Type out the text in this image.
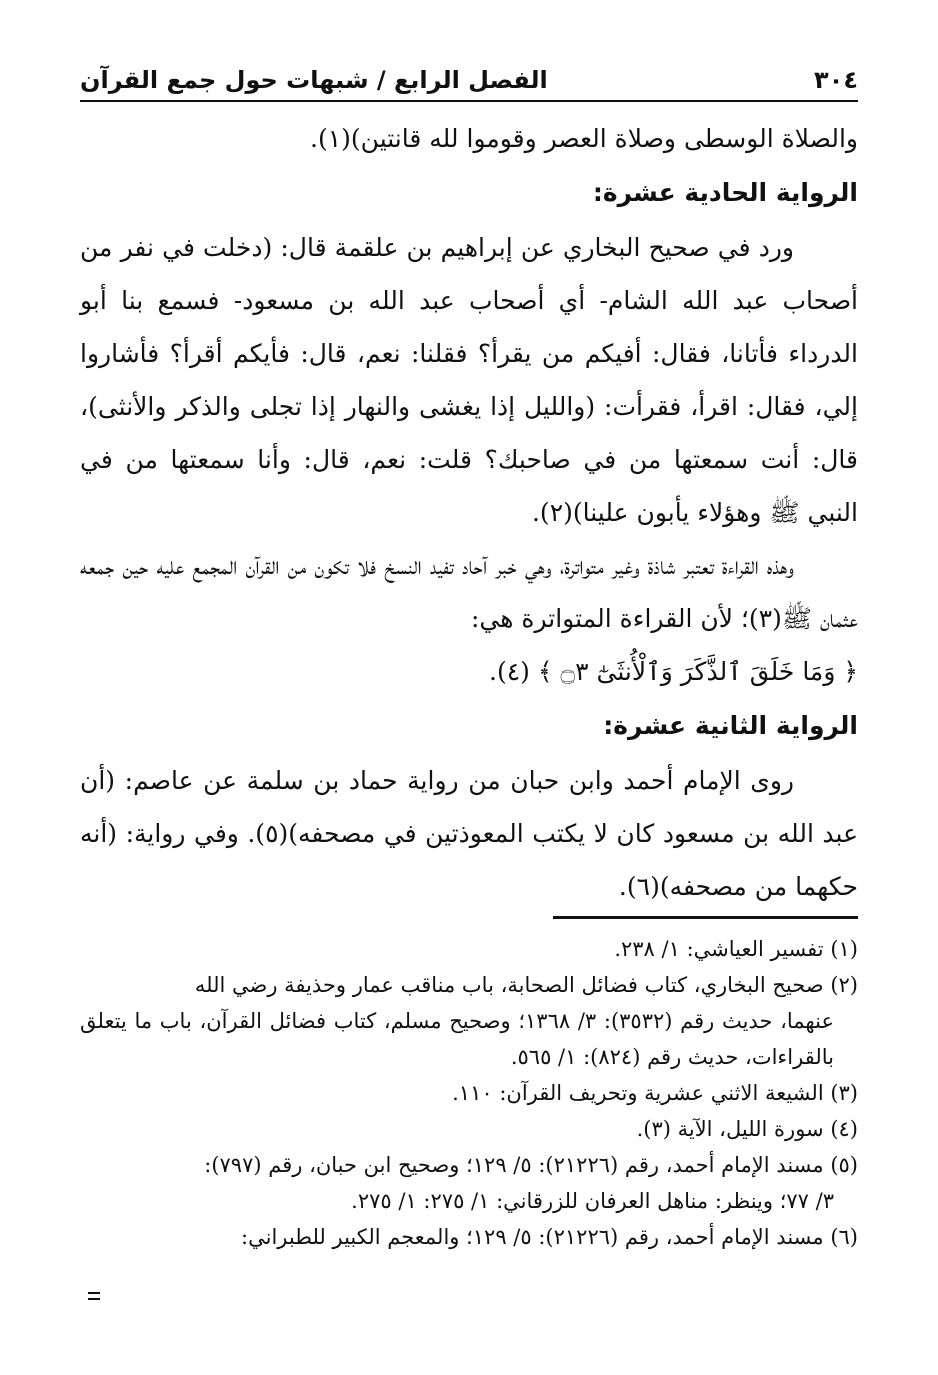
٣٠٤
الفصل الرابع / شبهات حول جمع القرآن

والصلاة الوسطى وصلاة العصر وقوموا لله قانتين)(١).

الرواية الحادية عشرة:

ورد في صحيح البخاري عن إبراهيم بن علقمة قال: (دخلت في نفر من أصحاب عبد الله الشام- أي أصحاب عبد الله بن مسعود- فسمع بنا أبو الدرداء فأتانا، فقال: أفيكم من يقرأ؟ فقلنا: نعم، قال: فأيكم أقرأ؟ فأشاروا إلي، فقال: اقرأ، فقرأت: (والليل إذا يغشى والنهار إذا تجلى والذكر والأنثى)، قال: أنت سمعتها من في صاحبك؟ قلت: نعم، قال: وأنا سمعتها من في النبي ﷺ وهؤلاء يأبون علينا)(٢).

وهذه القراءة تعتبر شاذة وغير متواترة، وهي خبر آحاد تفيد النسخ فلا تكون من القرآن المجمع عليه حين جمعه عثمان ﷺ(٣)؛ لأن القراءة المتواترة هي:

﴿ وَمَا خَلَقَ ٱلذَّكَرَ وَٱلْأُنثَىٰٓ ۝٣ ﴾ (٤).

الرواية الثانية عشرة:

روى الإمام أحمد وابن حبان من رواية حماد بن سلمة عن عاصم: (أن عبد الله بن مسعود كان لا يكتب المعوذتين في مصحفه)(٥). وفي رواية: (أنه حكهما من مصحفه)(٦).

(١) تفسير العياشي: ١/ ٢٣٨.

(٢) صحيح البخاري، كتاب فضائل الصحابة، باب مناقب عمار وحذيفة رضي الله
عنهما، حديث رقم (٣٥٣٢): ٣/ ١٣٦٨؛ وصحيح مسلم، كتاب فضائل القرآن، باب ما يتعلق بالقراءات، حديث رقم (٨٢٤): ١/ ٥٦٥.

(٣) الشيعة الاثني عشرية وتحريف القرآن: ١١٠.

(٤) سورة الليل، الآية (٣).

(٥) مسند الإمام أحمد، رقم (٢١٢٢٦): ٥/ ١٢٩؛ وصحيح ابن حبان، رقم (٧٩٧):
٣/ ٧٧؛ وينظر: مناهل العرفان للزرقاني: ١/ ٢٧٥: ١/ ٢٧٥.

(٦) مسند الإمام أحمد، رقم (٢١٢٢٦): ٥/ ١٢٩؛ والمعجم الكبير للطبراني:
